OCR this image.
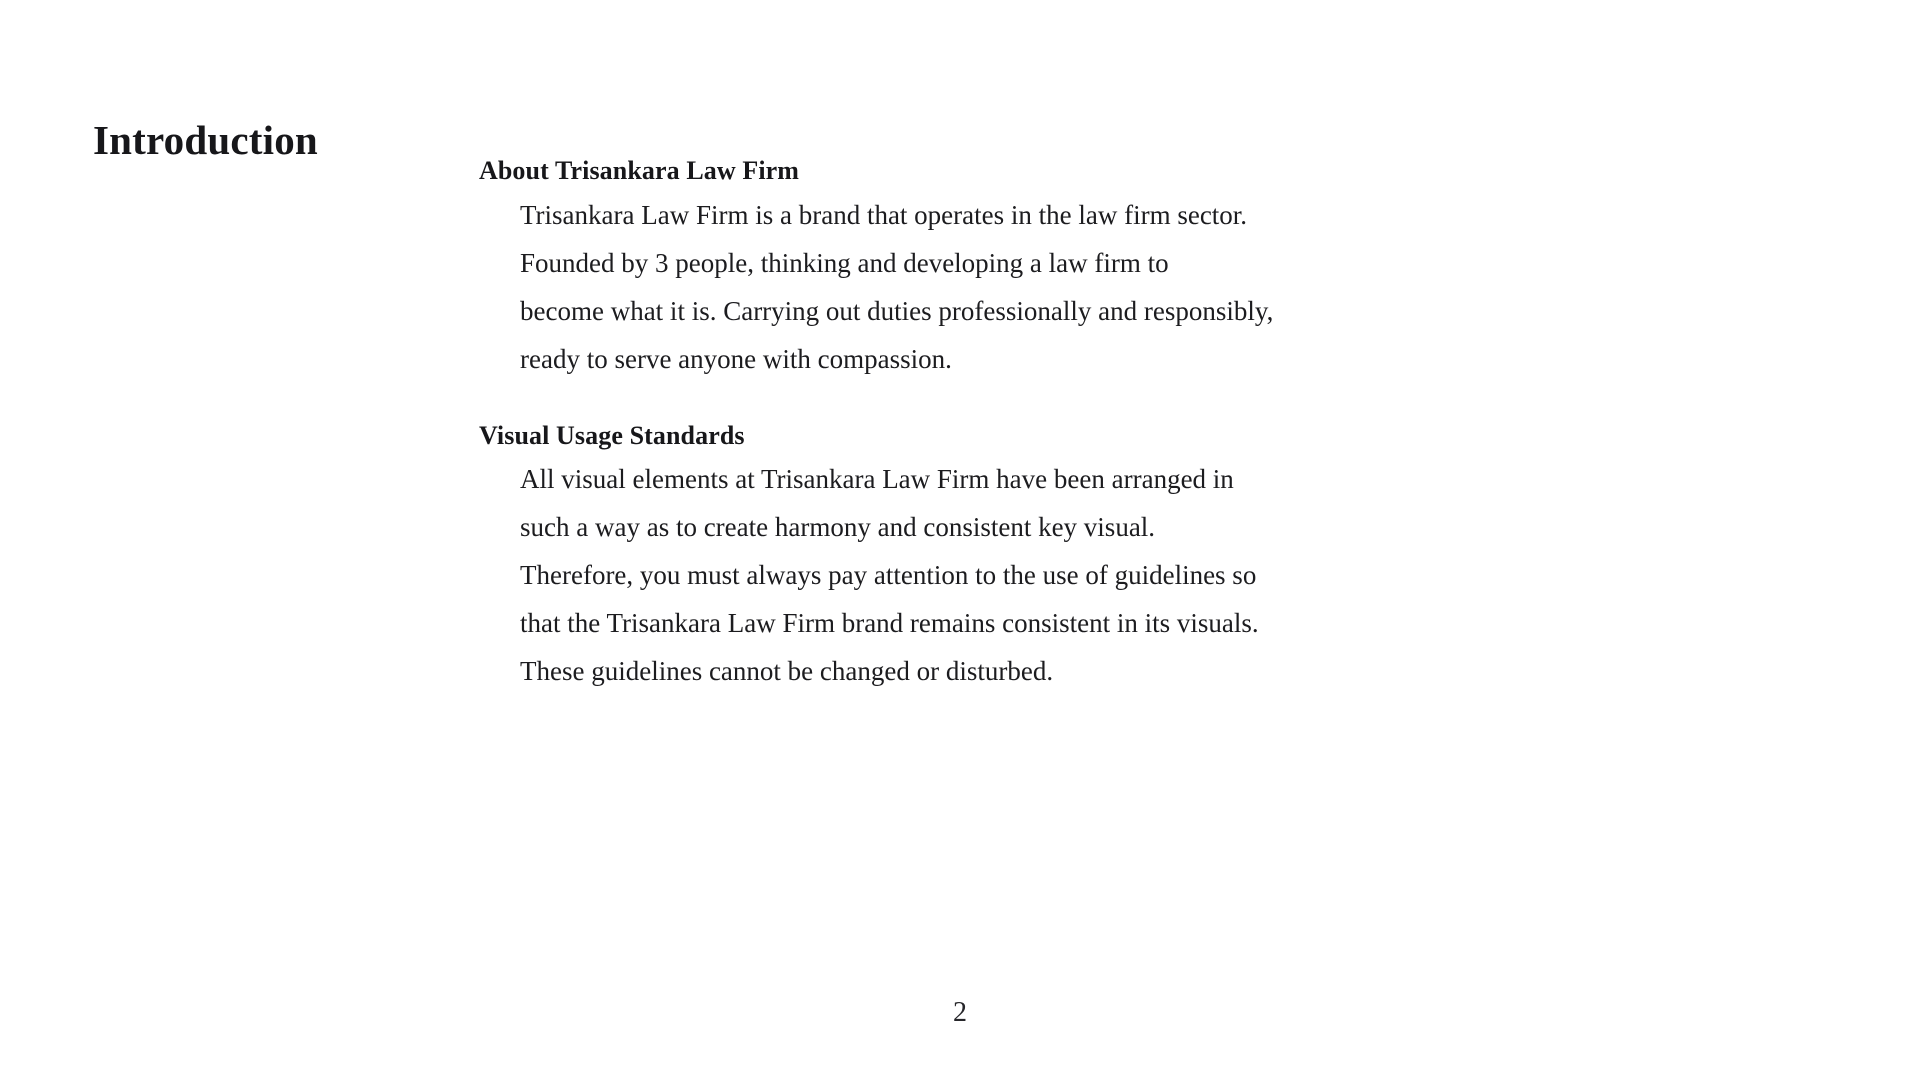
Introduction
About Trisankara Law Firm

Trisankara Law Firm is a brand that operates in the law firm sector.
Founded by 3 people, thinking and developing a law firm to
become what it is. Carrying out duties professionally and responsibly,
ready to serve anyone with compassion.

Visual Usage Standards

All visual elements at Trisankara Law Firm have been arranged in
such a way as to create harmony and consistent key visual.
Therefore, you must always pay attention to the use of guidelines so
that the Trisankara Law Firm brand remains consistent in its visuals.
These guidelines cannot be changed or disturbed.

2
